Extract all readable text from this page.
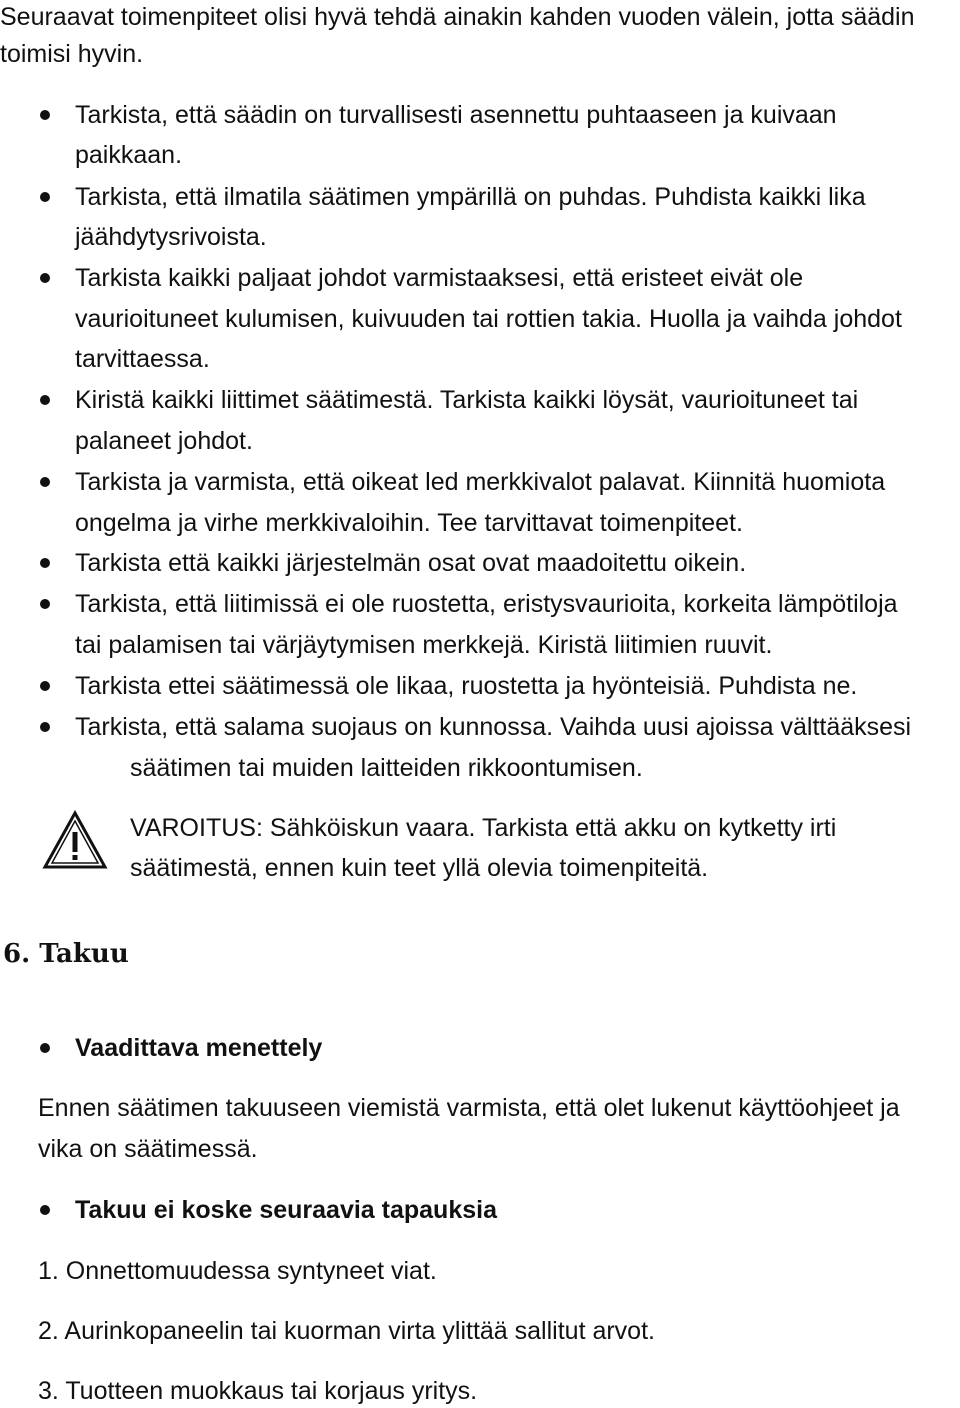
Seuraavat toimenpiteet olisi hyvä tehdä ainakin kahden vuoden välein, jotta säädin
toimisi hyvin.
Tarkista, että säädin on turvallisesti asennettu puhtaaseen ja kuivaan
paikkaan.
Tarkista, että ilmatila säätimen ympärillä on puhdas. Puhdista kaikki lika
jäähdytysrivoista.
Tarkista kaikki paljaat johdot varmistaaksesi, että eristeet eivät ole
vaurioituneet kulumisen, kuivuuden tai rottien takia. Huolla ja vaihda johdot
tarvittaessa.
Kiristä kaikki liittimet säätimestä. Tarkista kaikki löysät, vaurioituneet tai
palaneet johdot.
Tarkista ja varmista, että oikeat led merkkivalot palavat. Kiinnitä huomiota
ongelma ja virhe merkkivaloihin. Tee tarvittavat toimenpiteet.
Tarkista että kaikki järjestelmän osat ovat maadoitettu oikein.
Tarkista, että liitimissä ei ole ruostetta, eristysvaurioita, korkeita lämpötiloja
tai palamisen tai värjäytymisen merkkejä. Kiristä liitimien ruuvit.
Tarkista ettei säätimessä ole likaa, ruostetta ja hyönteisiä. Puhdista ne.
Tarkista, että salama suojaus on kunnossa. Vaihda uusi ajoissa välttääksesi
säätimen tai muiden laitteiden rikkoontumisen.
VAROITUS: Sähköiskun vaara. Tarkista että akku on kytketty irti
säätimestä, ennen kuin teet yllä olevia toimenpiteitä.
6. Takuu
Vaadittava menettely
Ennen säätimen takuuseen viemistä varmista, että olet lukenut käyttöohjeet ja
vika on säätimessä.
Takuu ei koske seuraavia tapauksia
1. Onnettomuudessa syntyneet viat.
2. Aurinkopaneelin tai kuorman virta ylittää sallitut arvot.
3. Tuotteen muokkaus tai korjaus yritys.
